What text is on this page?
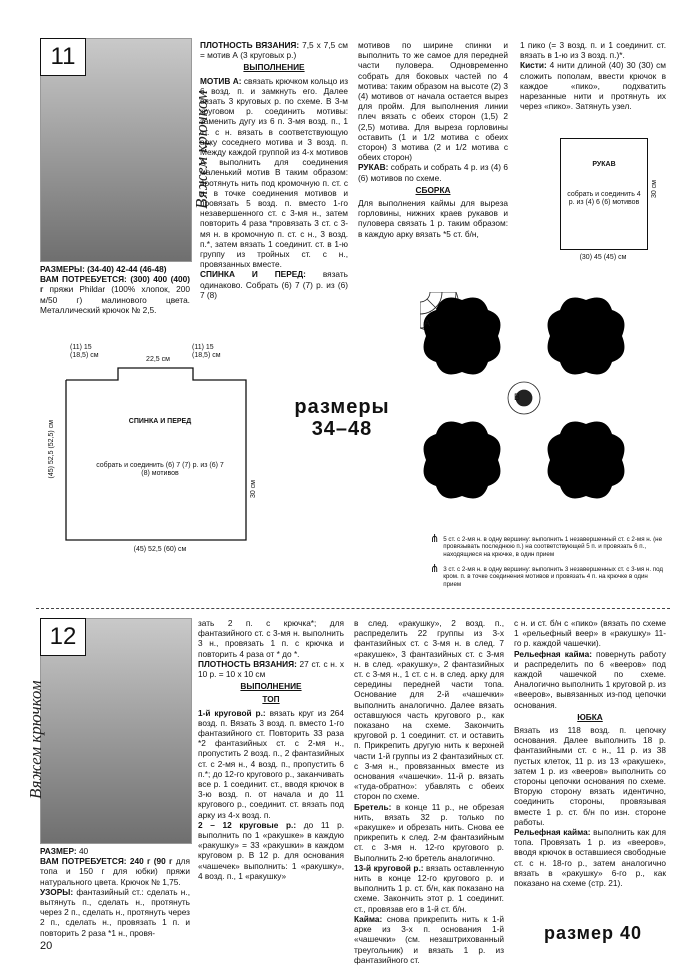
11
Вяжем крючком

РАЗМЕРЫ: (34-40) 42-44 (46-48)

ВАМ ПОТРЕБУЕТСЯ: (300) 400 (400) г пряжи Phildar (100% хлопок, 200 м/50 г) малинового цвета. Металлический крючок № 2,5.

ПЛОТНОСТЬ ВЯЗАНИЯ: 7,5 х 7,5 см = мотив А (3 круговых р.)

ВЫПОЛНЕНИЕ

МОТИВ А: связать крючком кольцо из 6 возд. п. и замкнуть его. Далее вязать 3 круговых р. по схеме. В 3-м круговом р. соединить мотивы: заменить дугу из 6 п. 3-мя возд. п., 1 ст. с н. вязать в соответствующую арку соседнего мотива и 3 возд. п. Между каждой группой из 4-х мотивов А выполнить для соединения маленький мотив В таким образом: протянуть нить под кромочную п. ст. с н. в точке соединения мотивов и провязать 5 возд. п. вместо 1-го незавершенного ст. с 3-мя н., затем повторить 4 раза *провязать 3 ст. с 3-мя н. в кромочную п. ст. с н., 3 возд. п.*, затем вязать 1 соединит. ст. в 1-ю группу из тройных ст. с н., провязанных вместе.

СПИНКА И ПЕРЕД: вязать одинаково. Собрать (6) 7 (7) р. из (6) 7 (8)

мотивов по ширине спинки и выполнить то же самое для передней части пуловера. Одновременно собрать для боковых частей по 4 мотива: таким образом на высоте (2) 3 (4) мотивов от начала остается вырез для пройм. Для выполнения линии плеч вязать с обеих сторон (1,5) 2 (2,5) мотива. Для выреза горловины оставить (1 и 1/2 мотива с обеих сторон) 3 мотива (2 и 1/2 мотива с обеих сторон)

РУКАВ: собрать и собрать 4 р. из (4) 6 (6) мотивов по схеме.

СБОРКА

Для выполнения каймы для выреза горловины, нижних краев рукавов и пуловера связать 1 р. таким образом: в каждую арку вязать *5 ст. б/н,

1 пико (= 3 возд. п. и 1 соединит. ст. вязать в 1-ю из 3 возд. п.)*.

Кисти: 4 нити длиной (40) 30 (30) см сложить пополам, ввести крючок в каждое «пико», подхватить нарезанные нити и протянуть их через «пико». Затянуть узел.

РУКАВ
собрать и соединить 4 р. из (4) 6 (6) мотивов
30 см
(30) 45 (45) см
(11) 15 (18,5) см
22,5 см
(11) 15 (18,5) см
СПИНКА И ПЕРЕД
собрать и соединить (6) 7 (7) р. из (6) 7 (8) мотивов
(45) 52,5 (52,5) см
30 см
(45) 52,5 (60) см
размеры
34–48
А
В
⋔ 5 ст. с 2-мя н. в одну вершину: выполнить 1 незавершенный ст. с 2-мя н. (не провязывать последнюю п.) на соответствующей 5 п. и провязать 6 п., находящиеся на крючке, в один прием
⋔ 3 ст. с 2-мя н. в одну вершину: выполнить 3 незавершенных ст. с 3-мя н. под кром. п. в точке соединения мотивов и провязать 4 п. на крючке в один прием
12
Вяжем крючком

РАЗМЕР: 40

ВАМ ПОТРЕБУЕТСЯ: 240 г (90 г для топа и 150 г для юбки) пряжи натурального цвета. Крючок № 1,75.

УЗОРЫ: фантазийный ст.: сделать н., вытянуть п., сделать н., протянуть через 2 п., сделать н., протянуть через 2 п., сделать н., провязать 1 п. и повторить 2 раза *1 н., провя-

зать 2 п. с крючка*; для фантазийного ст. с 3-мя н. выполнить 3 н., провязать 1 п. с крючка и повторить 4 раза от * до *.

ПЛОТНОСТЬ ВЯЗАНИЯ: 27 ст. с н. х 10 р. = 10 х 10 см

ВЫПОЛНЕНИЕ

ТОП

1-й круговой р.: вязать круг из 264 возд. п. Вязать 3 возд. п. вместо 1-го фантазийного ст. Повторить 33 раза *2 фантазийных ст. с 2-мя н., пропустить 2 возд. п., 2 фантазийных ст. с 2-мя н., 4 возд. п., пропустить 6 п.*; до 12-го кругового р., заканчивать все р. 1 соединит. ст., вводя крючок в 3-ю возд. п. от начала и до 11 кругового р., соединит. ст. вязать под арку из 4-х возд. п.

2 – 12 круговые р.: до 11 р. выполнить по 1 «ракушке» в каждую «ракушку» = 33 «ракушки» в каждом круговом р. В 12 р. для основания «чашечек» выполнить: 1 «ракушку», 4 возд. п., 1 «ракушку»

в след. «ракушку», 2 возд. п., распределить 22 группы из 3-х фантазийных ст. с 3-мя н. в след. 7 «ракушек», 3 фантазийных ст. с 3-мя н. в след. «ракушку», 2 фантазийных ст. с 3-мя н., 1 ст. с н. в след. арку для середины передней части топа. Основание для 2-й «чашечки» выполнить аналогично. Далее вязать оставшуюся часть кругового р., как показано на схеме. Закончить круговой р. 1 соединит. ст. и оставить п. Прикрепить другую нить к верхней части 1-й группы из 2 фантазийных ст. с 3-мя н., провязанных вместе из основания «чашечки». 11-й р. вязать «туда-обратно»: убавлять с обеих сторон по схеме.

Бретель: в конце 11 р., не обрезая нить, вязать 32 р. только по «ракушке» и обрезать нить. Снова ее прикрепить к след. 2-м фантазийным ст. с 3-мя н. 12-го кругового р. Выполнить 2-ю бретель аналогично.

13-й круговой р.: вязать оставленную нить в конце 12-го кругового р. и выполнить 1 р. ст. б/н, как показано на схеме. Закончить этот р. 1 соединит. ст., провязав его в 1-й ст. б/н.

Кайма: снова прикрепить нить к 1-й арке из 3-х п. основания 1-й «чашечки» (см. незаштрихованный треугольник) и вязать 1 р. из фантазийного ст.

с н. и ст. б/н с «пико» (вязать по схеме 1 «рельефный веер» в «ракушку» 11-го р. каждой чашечки).

Рельефная кайма: повернуть работу и распределить по 6 «вееров» под каждой чашечкой по схеме. Аналогично выполнить 1 круговой р. из «вееров», вывязанных из-под цепочки основания.

ЮБКА

Вязать из 118 возд. п. цепочку основания. Далее выполнить 18 р. фантазийными ст. с н., 11 р. из 38 пустых клеток, 11 р. из 13 «ракушек», затем 1 р. из «вееров» выполнить со стороны цепочки основания по схеме. Вторую сторону вязать идентично, соединить стороны, провязывая вместе 1 р. ст. б/н по изн. стороне работы.

Рельефная кайма: выполнить как для топа. Провязать 1 р. из «вееров», вводя крючок в оставшиеся свободные ст. с н. 18-го р., затем аналогично вязать в «ракушку» 6-го р., как показано на схеме (стр. 21).

размер 40
20
